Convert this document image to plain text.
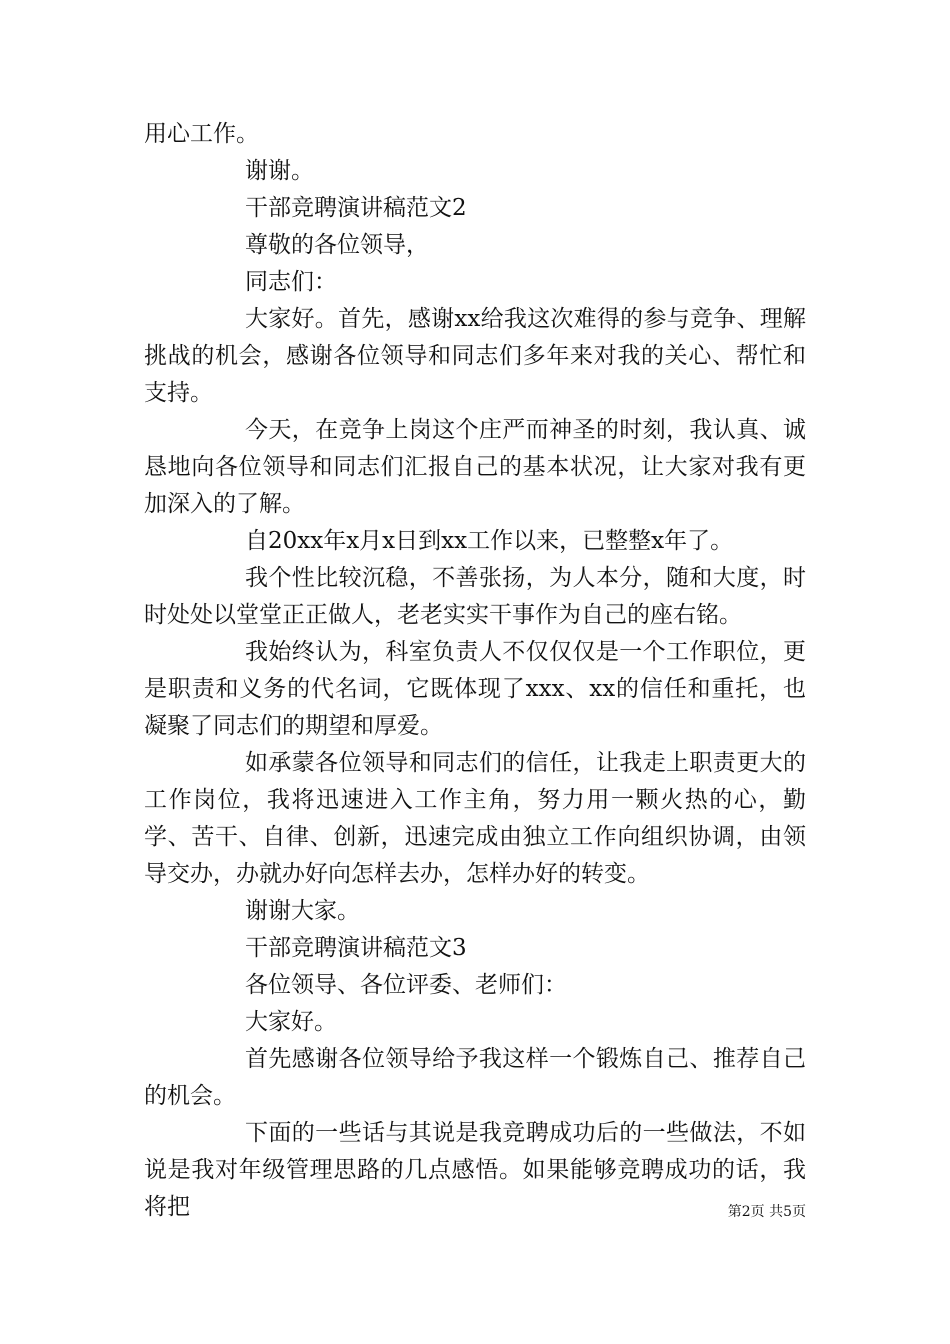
用心工作。

谢谢。

干部竞聘演讲稿范文2

尊敬的各位领导，

同志们：

大家好。首先，感谢xx给我这次难得的参与竞争、理解挑战的机会，感谢各位领导和同志们多年来对我的关心、帮忙和支持。

今天，在竞争上岗这个庄严而神圣的时刻，我认真、诚恳地向各位领导和同志们汇报自己的基本状况，让大家对我有更加深入的了解。

自20xx年x月x日到xx工作以来，已整整x年了。

我个性比较沉稳，不善张扬，为人本分，随和大度，时时处处以堂堂正正做人，老老实实干事作为自己的座右铭。

我始终认为，科室负责人不仅仅仅是一个工作职位，更是职责和义务的代名词，它既体现了xxx、xx的信任和重托，也凝聚了同志们的期望和厚爱。

如承蒙各位领导和同志们的信任，让我走上职责更大的工作岗位，我将迅速进入工作主角，努力用一颗火热的心，勤学、苦干、自律、创新，迅速完成由独立工作向组织协调，由领导交办，办就办好向怎样去办，怎样办好的转变。

谢谢大家。

干部竞聘演讲稿范文3

各位领导、各位评委、老师们：

大家好。

首先感谢各位领导给予我这样一个锻炼自己、推荐自己的机会。

下面的一些话与其说是我竞聘成功后的一些做法，不如说是我对年级管理思路的几点感悟。如果能够竞聘成功的话，我将把	第2页 共5页
